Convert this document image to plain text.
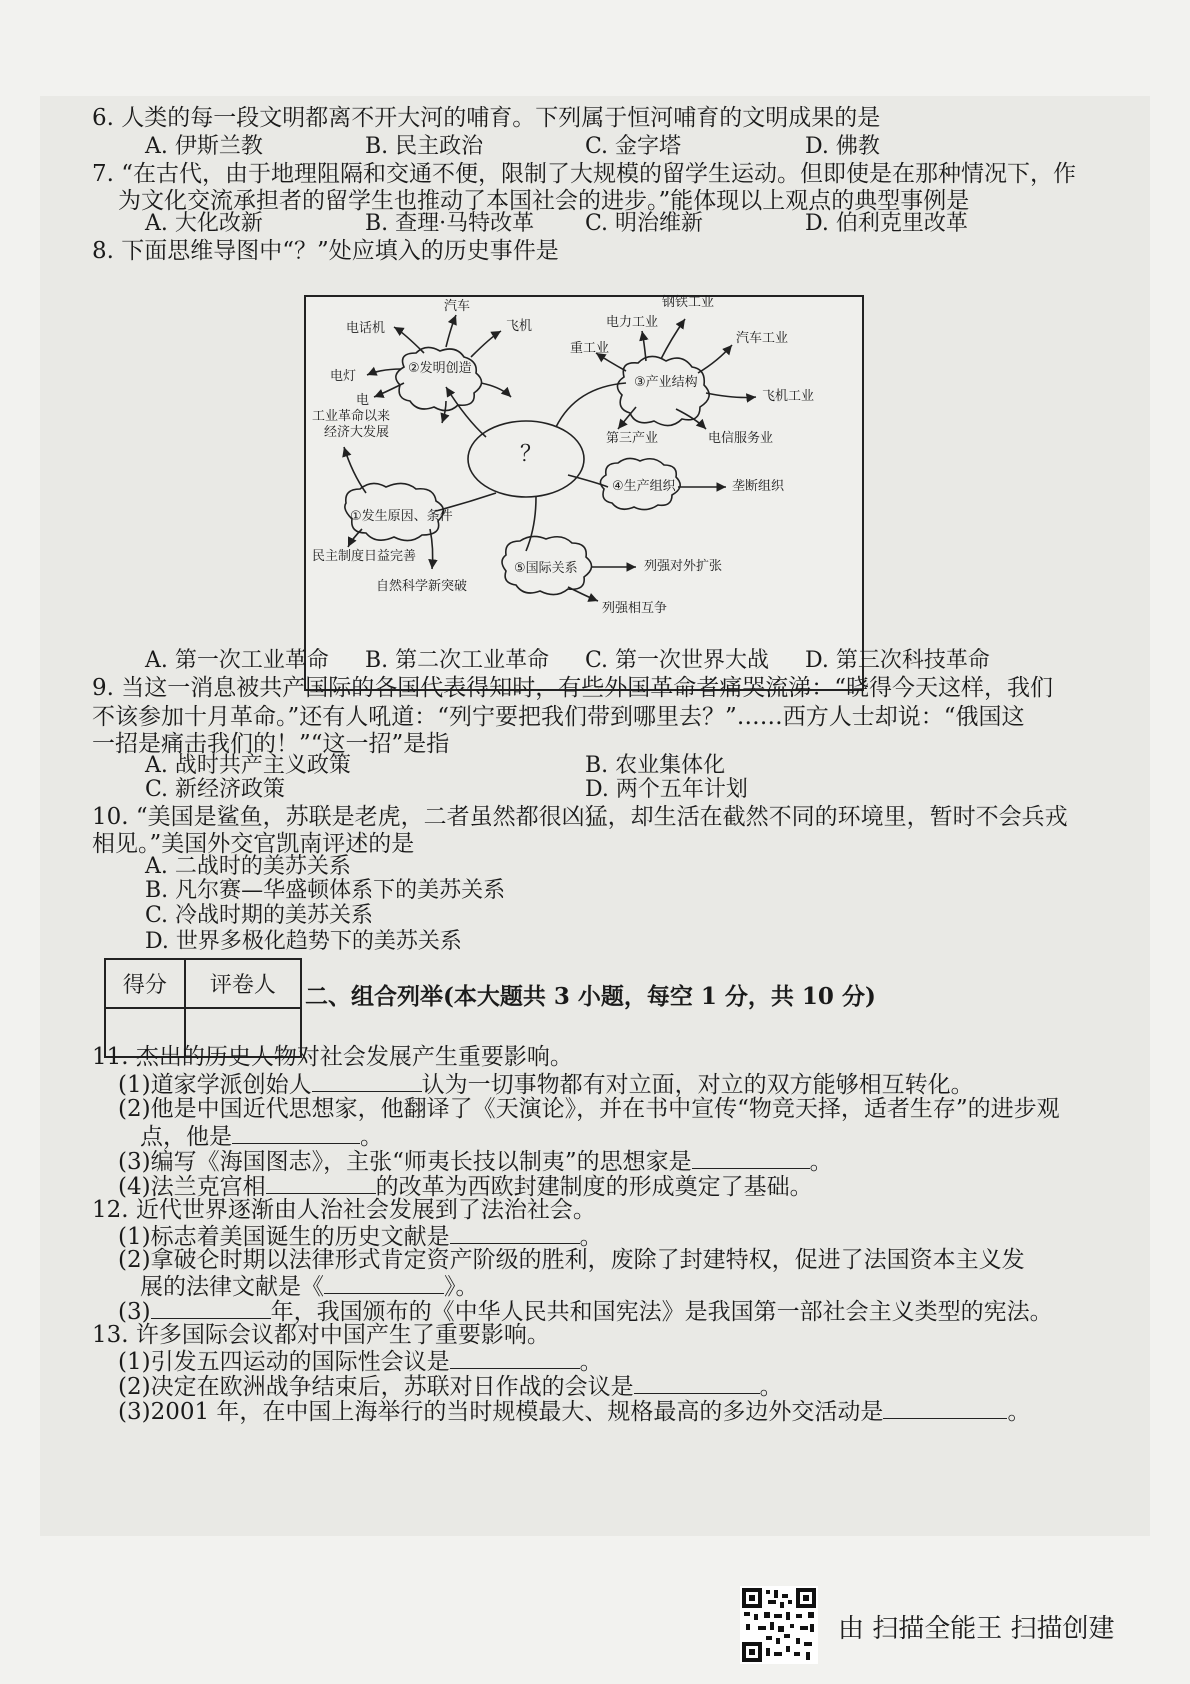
6. 人类的每一段文明都离不开大河的哺育。下列属于恒河哺育的文明成果的是
A. 伊斯兰教	B. 民主政治	C. 金字塔	D. 佛教
7. “在古代，由于地理阻隔和交通不便，限制了大规模的留学生运动。但即使是在那种情况下，作
为文化交流承担者的留学生也推动了本国社会的进步。”能体现以上观点的典型事例是
A. 大化改新	B. 查理·马特改革 C. 明治维新	D. 伯利克里改革
8. 下面思维导图中“？”处应填入的历史事件是
？
②发明创造
③产业结构
④生产组织
①发生原因、条件
⑤国际关系
电话机
汽车
飞机
电灯
电
钢铁工业
电力工业
重工业
汽车工业
飞机工业
第三产业	电信服务业
垄断组织
工业革命以来
经济大发展
民主制度日益完善
自然科学新突破
列强对外扩张
列强相互争
A. 第一次工业革命 B. 第二次工业革命 C. 第一次世界大战 D. 第三次科技革命
9. 当这一消息被共产国际的各国代表得知时，有些外国革命者痛哭流涕：“晓得今天这样，我们
不该参加十月革命。”还有人吼道：“列宁要把我们带到哪里去？”……西方人士却说：“俄国这
一招是痛击我们的！”“这一招”是指
A. 战时共产主义政策	B. 农业集体化
C. 新经济政策	D. 两个五年计划
10. “美国是鲨鱼，苏联是老虎，二者虽然都很凶猛，却生活在截然不同的环境里，暂时不会兵戎
相见。”美国外交官凯南评述的是
A. 二战时的美苏关系
B. 凡尔赛—华盛顿体系下的美苏关系
C. 冷战时期的美苏关系
D. 世界多极化趋势下的美苏关系
得分	评卷人
	二、组合列举(本大题共 3 小题，每空 1 分，共 10 分)
11. 杰出的历史人物对社会发展产生重要影响。
(1)道家学派创始人	认为一切事物都有对立面，对立的双方能够相互转化。
(2)他是中国近代思想家，他翻译了《天演论》，并在书中宣传“物竞天择，适者生存”的进步观
点，他是	。
(3)编写《海国图志》，主张“师夷长技以制夷”的思想家是	。
(4)法兰克宫相	的改革为西欧封建制度的形成奠定了基础。
12. 近代世界逐渐由人治社会发展到了法治社会。
(1)标志着美国诞生的历史文献是	。
(2)拿破仑时期以法律形式肯定资产阶级的胜利，废除了封建特权，促进了法国资本主义发
展的法律文献是《	》。
(3)	年，我国颁布的《中华人民共和国宪法》是我国第一部社会主义类型的宪法。
13. 许多国际会议都对中国产生了重要影响。
(1)引发五四运动的国际性会议是	。
(2)决定在欧洲战争结束后，苏联对日作战的会议是	。
(3)2001 年，在中国上海举行的当时规模最大、规格最高的多边外交活动是	。
由 扫描全能王 扫描创建
